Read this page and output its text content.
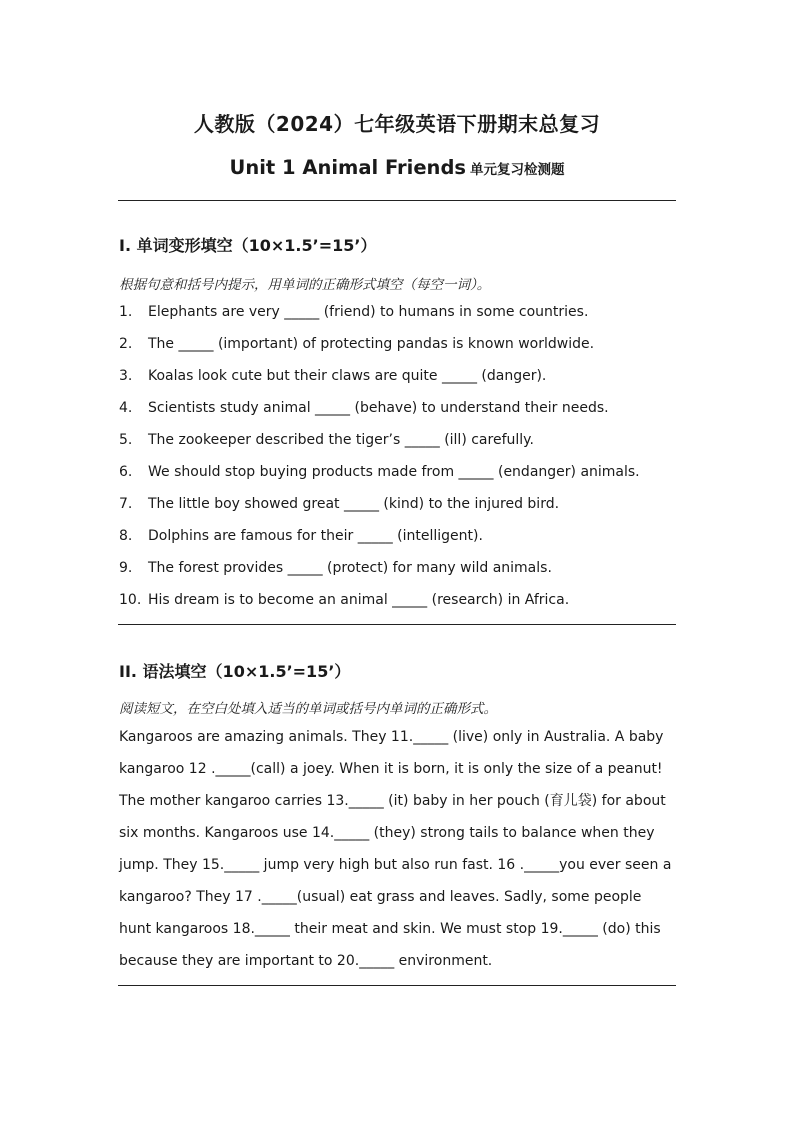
人教版（2024）七年级英语下册期末总复习
Unit 1 Animal Friends 单元复习检测题
I. 单词变形填空（10×1.5’=15’）
根据句意和括号内提示，用单词的正确形式填空（每空一词）。
1. Elephants are very _____ (friend) to humans in some countries.
2. The _____ (important) of protecting pandas is known worldwide.
3. Koalas look cute but their claws are quite _____ (danger).
4. Scientists study animal _____ (behave) to understand their needs.
5. The zookeeper described the tiger’s _____ (ill) carefully.
6. We should stop buying products made from _____ (endanger) animals.
7. The little boy showed great _____ (kind) to the injured bird.
8. Dolphins are famous for their _____ (intelligent).
9. The forest provides _____ (protect) for many wild animals.
10. His dream is to become an animal _____ (research) in Africa.
II. 语法填空（10×1.5’=15’）
阅读短文，在空白处填入适当的单词或括号内单词的正确形式。
Kangaroos are amazing animals. They 11._____ (live) only in Australia. A baby
kangaroo 12 ._____(call) a joey. When it is born, it is only the size of a peanut!
The mother kangaroo carries 13._____ (it) baby in her pouch (育儿袋) for about
six months. Kangaroos use 14._____ (they) strong tails to balance when they
jump. They 15._____ jump very high but also run fast. 16 ._____you ever seen a
kangaroo? They 17 ._____(usual) eat grass and leaves. Sadly, some people
hunt kangaroos 18._____ their meat and skin. We must stop 19._____ (do) this
because they are important to 20._____ environment.
